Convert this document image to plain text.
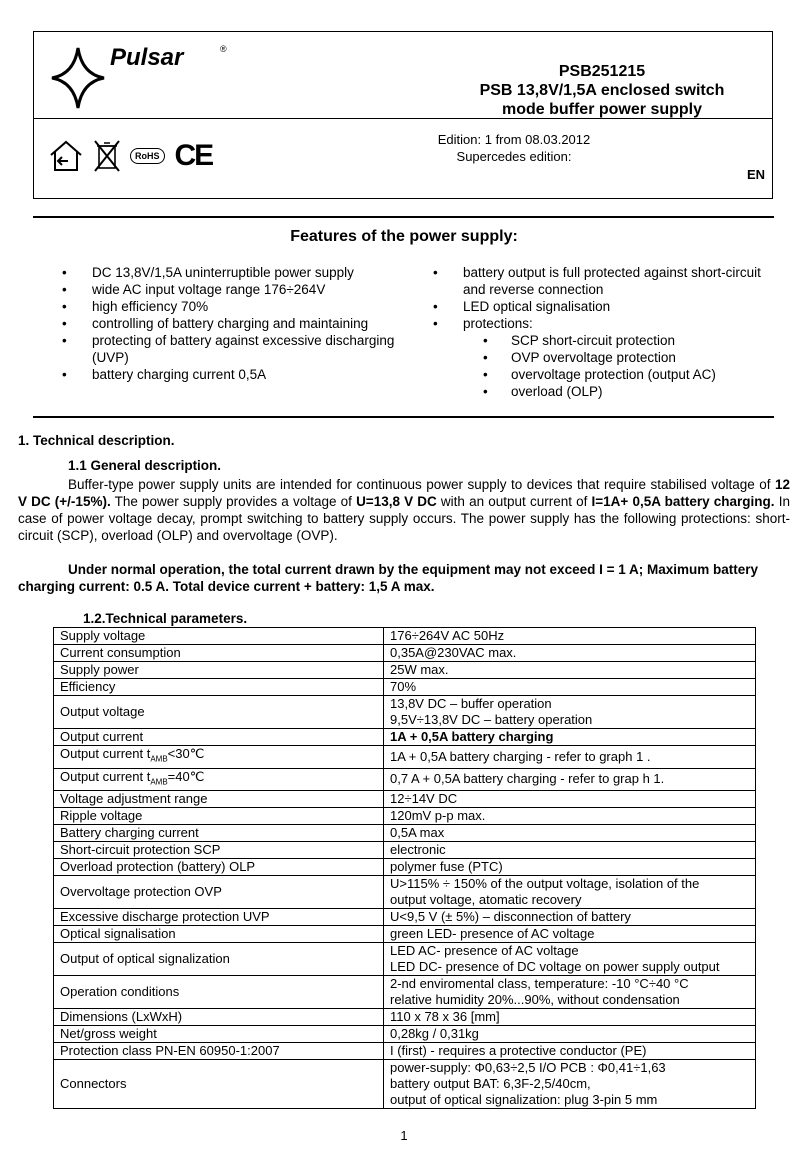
Pulsar	®
PSB251215
PSB 13,8V/1,5A enclosed switch
mode buffer power supply
RoHS CE	Edition: 1 from 08.03.2012
Supercedes edition:
EN
Features of the power supply:
• DC 13,8V/1,5A uninterruptible power supply
• wide AC input voltage range 176÷264V
• high efficiency 70%
• controlling of battery charging and maintaining
• protecting of battery against excessive discharging (UVP)
• battery charging current 0,5A
• battery output is full protected against short-circuit and reverse connection
• LED optical signalisation
• protections:
• SCP short-circuit protection
• OVP overvoltage protection
• overvoltage protection (output AC)
• overload (OLP)
1. Technical description.
1.1 General description.
Buffer-type power supply units are intended for continuous power supply to devices that require stabilised voltage of 12 V DC (+/-15%). The power supply provides a voltage of U=13,8 V DC with an output current of I=1A+ 0,5A battery charging. In case of power voltage decay, prompt switching to battery supply occurs. The power supply has the following protections: short-circuit (SCP), overload (OLP) and overvoltage (OVP).
Under normal operation, the total current drawn by the equipment may not exceed I = 1 A; Maximum battery charging current: 0.5 A. Total device current + battery: 1,5 A max.
1.2.Technical parameters.
Supply voltage	176÷264V AC 50Hz

Current consumption	0,35A@230VAC max.

Supply power	25W max.

Efficiency	70%

Output voltage	13,8V DC – buffer operation
9,5V÷13,8V DC – battery operation

Output current	1A + 0,5A battery charging

Output current $t_{AMB}<30℃$	1A + 0,5A battery charging - refer to graph 1 .

Output current $t_{AMB}=40℃$	0,7 A + 0,5A battery charging - refer to grap h 1.

Voltage adjustment range	12÷14V DC

Ripple voltage	120mV p-p max.

Battery charging current	0,5A max

Short-circuit protection SCP	electronic

Overload protection (battery) OLP	polymer fuse (PTC)

Overvoltage protection OVP	U>115% ÷ 150% of the output voltage, isolation of the
output voltage, atomatic recovery

Excessive discharge protection UVP	U<9,5 V (± 5%) – disconnection of battery

Optical signalisation	green LED- presence of AC voltage

Output of optical signalization	LED AC- presence of AC voltage
LED DC- presence of DC voltage on power supply output

Operation conditions	2-nd enviromental class, temperature: -10 °C÷40 °C
relative humidity 20%...90%, without condensation

Dimensions (LxWxH)	110 x 78 x 36 [mm]

Net/gross weight	0,28kg / 0,31kg

Protection class PN-EN 60950-1:2007	I (first) - requires a protective conductor (PE)

Connectors	power-supply: Φ0,63÷2,5 I/O PCB : Φ0,41÷1,63
battery output BAT: 6,3F-2,5/40cm,
output of optical signalization: plug 3-pin 5 mm
1
